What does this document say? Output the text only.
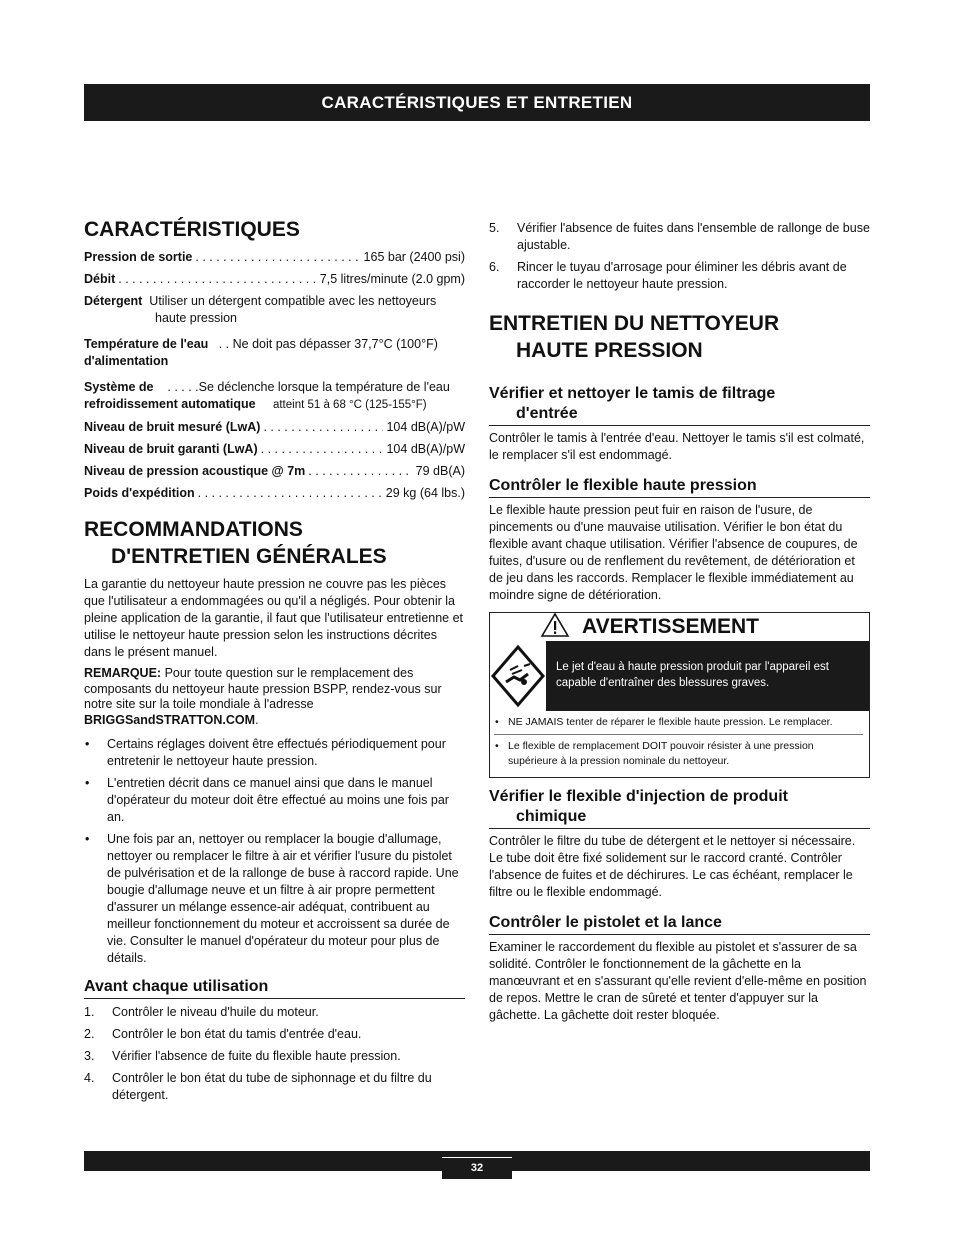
CARACTÉRISTIQUES ET ENTRETIEN
CARACTÉRISTIQUES
Pression de sortie . . .	165 bar (2400 psi)
Débit . . .	7,5 litres/minute (2.0 gpm)
Détergent Utiliser un détergent compatible avec les nettoyeurs
haute pression
Température de l'eau . . Ne doit pas dépasser 37,7°C (100°F)
d'alimentation
Système de . . . . .Se déclenche lorsque la température de l'eau
refroidissement automatique atteint 51 à 68 °C (125-155°F)
Niveau de bruit mesuré (LwA) . . .	104 dB(A)/pW
Niveau de bruit garanti (LwA) . . .	104 dB(A)/pW
Niveau de pression acoustique @ 7m . . .	79 dB(A)
Poids d'expédition . . .	29 kg (64 lbs.)
RECOMMANDATIONS
D'ENTRETIEN GÉNÉRALES

La garantie du nettoyeur haute pression ne couvre pas les pièces que l'utilisateur a endommagées ou qu'il a négligés. Pour obtenir la pleine application de la garantie, il faut que l'utilisateur entretienne et utilise le nettoyeur haute pression selon les instructions décrites dans le présent manuel.

REMARQUE: Pour toute question sur le remplacement des composants du nettoyeur haute pression BSPP, rendez-vous sur notre site sur la toile mondiale à l'adresse BRIGGSandSTRATTON.COM.

• Certains réglages doivent être effectués périodiquement pour entretenir le nettoyeur haute pression.
• L'entretien décrit dans ce manuel ainsi que dans le manuel d'opérateur du moteur doit être effectué au moins une fois par an.
• Une fois par an, nettoyer ou remplacer la bougie d'allumage, nettoyer ou remplacer le filtre à air et vérifier l'usure du pistolet de pulvérisation et de la rallonge de buse à raccord rapide. Une bougie d'allumage neuve et un filtre à air propre permettent d'assurer un mélange essence-air adéquat, contribuent au meilleur fonctionnement du moteur et accroissent sa durée de vie. Consulter le manuel d'opérateur du moteur pour plus de détails.
Avant chaque utilisation
1. Contrôler le niveau d'huile du moteur.
2. Contrôler le bon état du tamis d'entrée d'eau.
3. Vérifier l'absence de fuite du flexible haute pression.
4. Contrôler le bon état du tube de siphonnage et du filtre du détergent.
5. Vérifier l'absence de fuites dans l'ensemble de rallonge de buse ajustable.
6. Rincer le tuyau d'arrosage pour éliminer les débris avant de raccorder le nettoyeur haute pression.
ENTRETIEN DU NETTOYEUR
HAUTE PRESSION
Vérifier et nettoyer le tamis de filtrage
d'entrée

Contrôler le tamis à l'entrée d'eau. Nettoyer le tamis s'il est colmaté, le remplacer s'il est endommagé.

Contrôler le flexible haute pression

Le flexible haute pression peut fuir en raison de l'usure, de pincements ou d'une mauvaise utilisation. Vérifier le bon état du flexible avant chaque utilisation. Vérifier l'absence de coupures, de fuites, d'usure ou de renflement du revêtement, de détérioration et de jeu dans les raccords. Remplacer le flexible immédiatement au moindre signe de détérioration.

AVERTISSEMENT
Le jet d'eau à haute pression produit par l'appareil est capable d'entraîner des blessures graves.
• NE JAMAIS tenter de réparer le flexible haute pression. Le remplacer.
• Le flexible de remplacement DOIT pouvoir résister à une pression supérieure à la pression nominale du nettoyeur.
Vérifier le flexible d'injection de produit
chimique

Contrôler le filtre du tube de détergent et le nettoyer si nécessaire. Le tube doit être fixé solidement sur le raccord cranté. Contrôler l'absence de fuites et de déchirures. Le cas échéant, remplacer le filtre ou le flexible endommagé.

Contrôler le pistolet et la lance

Examiner le raccordement du flexible au pistolet et s'assurer de sa solidité. Contrôler le fonctionnement de la gâchette en la manœuvrant et en s'assurant qu'elle revient d'elle-même en position de repos. Mettre le cran de sûreté et tenter d'appuyer sur la gâchette. La gâchette doit rester bloquée.

32
